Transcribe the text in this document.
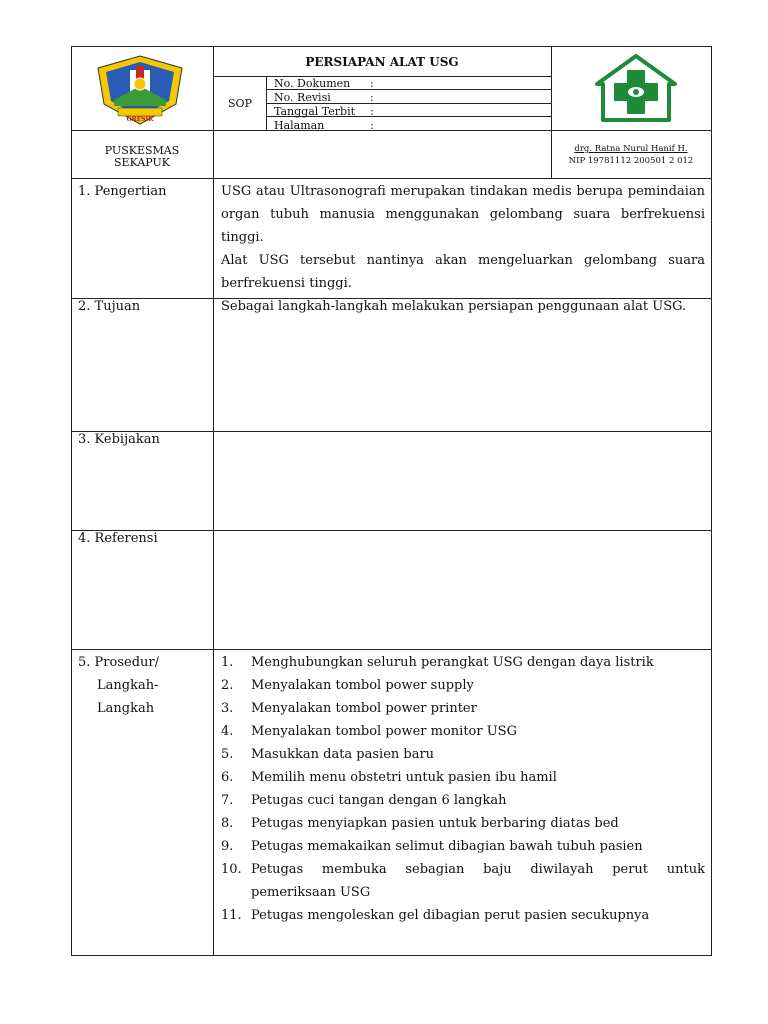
GRESIK
PERSIAPAN ALAT USG
SOP
No. Dokumen	:
No. Revisi	:
Tanggal Terbit	:
Halaman	:
PUSKESMAS
SEKAPUK
drg. Ratna Nurul Hanif H.
NIP 19781112 200501 2 012
1. Pengertian	USG atau Ultrasonografi merupakan tindakan medis berupa pemindaian organ tubuh manusia menggunakan gelombang suara berfrekuensi tinggi.

Alat USG tersebut nantinya akan mengeluarkan gelombang suara berfrekuensi tinggi.

2. Tujuan	Sebagai langkah-langkah melakukan persiapan penggunaan alat USG.

3. Kebijakan
4. Referensi
5. Prosedur/
Langkah-
Langkah
1.	Menghubungkan seluruh perangkat USG dengan daya listrik
2.	Menyalakan tombol power supply
3.	Menyalakan tombol power printer
4.	Menyalakan tombol power monitor USG
5.	Masukkan data pasien baru
6.	Memilih menu obstetri untuk pasien ibu hamil
7.	Petugas cuci tangan dengan 6 langkah
8.	Petugas menyiapkan pasien untuk berbaring diatas bed
9.	Petugas memakaikan selimut dibagian bawah tubuh pasien
10. Petugas membuka sebagian baju diwilayah perut untuk pemeriksaan USG
11. Petugas mengoleskan gel dibagian perut pasien secukupnya
